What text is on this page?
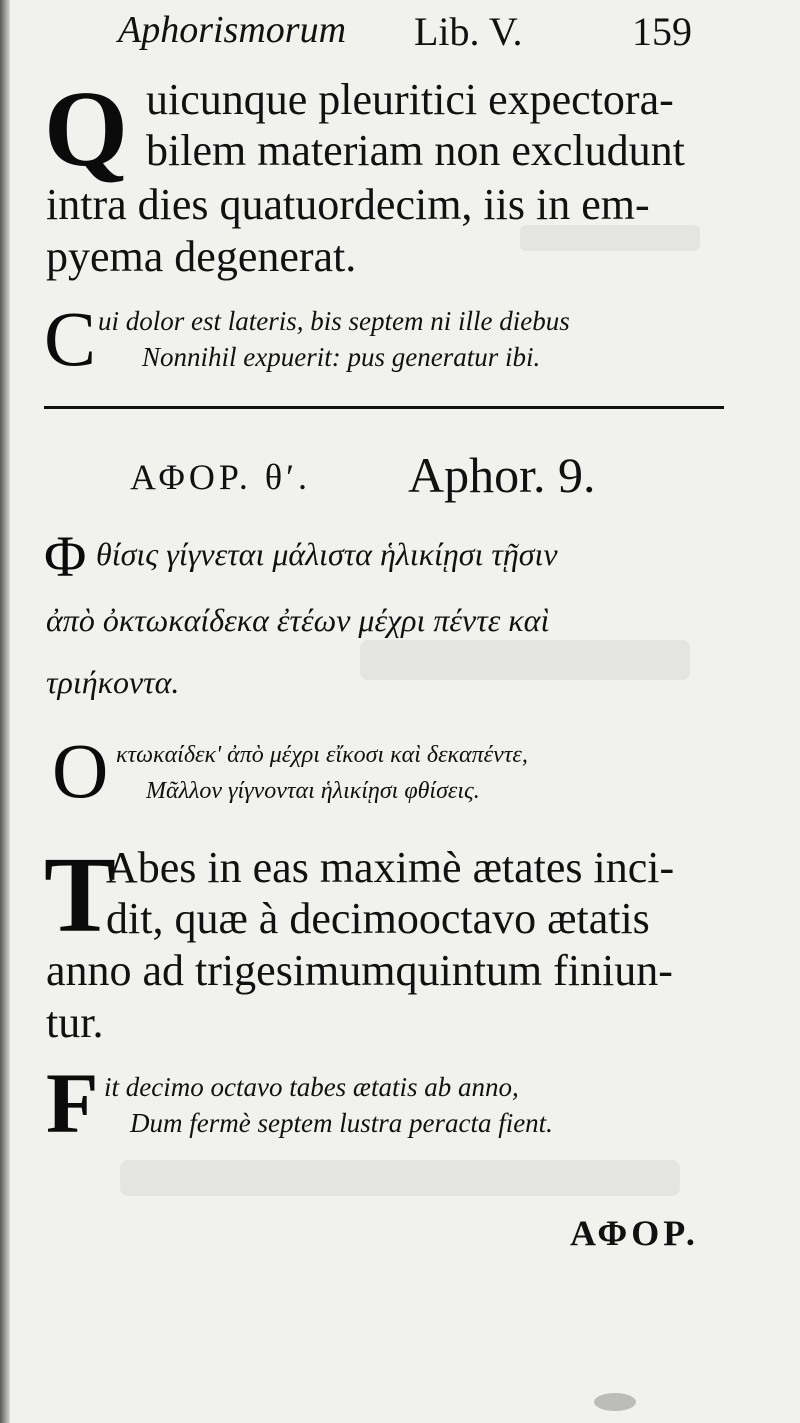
Aphorismorum Lib. V.	159
Q uicunque pleuritici expectora-
bilem materiam non excludunt
intra dies quatuordecim, iis in em-
pyema degenerat.
C ui dolor est lateris, bis septem ni ille diebus
Nonnihil expuerit: pus generatur ibi.
ΑΦΟΡ. θʹ. Aphor. 9.
Φ θίσις γίγνεται μάλιστα ἡλικίῃσι τῇσιν
ἀπὸ ὀκτωκαίδεκα ἐτέων μέχρι πέντε καὶ
τριήκοντα.
Ο κτωκαίδεκ' ἀπὸ μέχρι εἴκοσι καὶ δεκαπέντε,
Μᾶλλον γίγνονται ἡλικίῃσι φθίσεις.
T
Abes in eas maximè ætates inci-
dit, quæ à decimooctavo ætatis
anno ad trigesimumquintum finiun-
tur.
F it decimo octavo tabes ætatis ab anno,
Dum fermè septem lustra peracta fient.
ΑΦΟΡ.
